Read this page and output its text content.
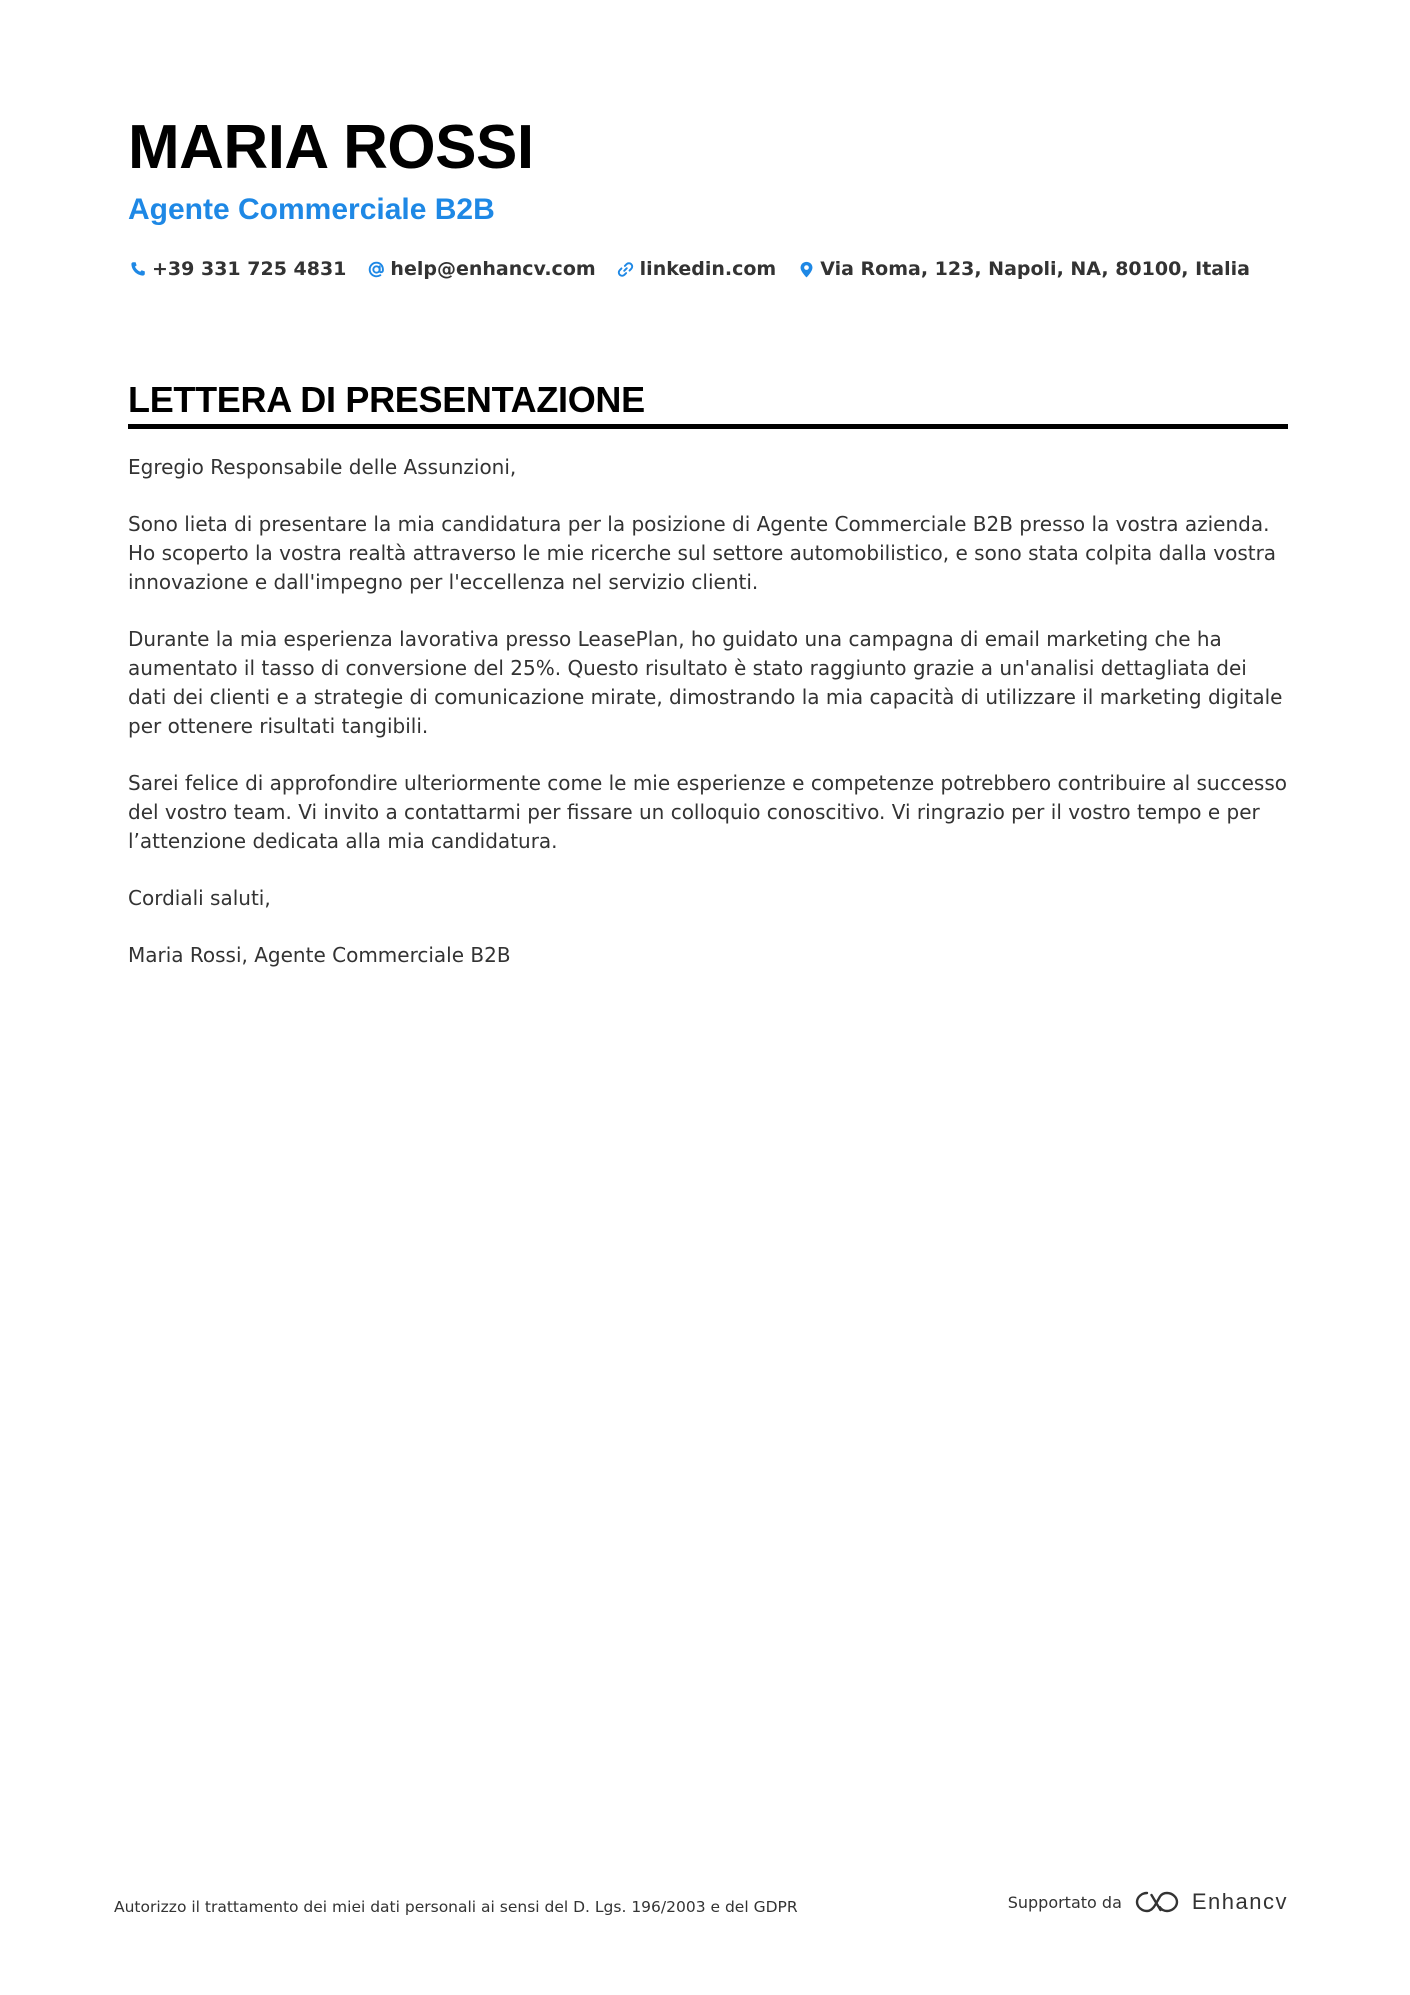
MARIA ROSSI
Agente Commerciale B2B
+39 331 725 4831 help@enhancv.com linkedin.com Via Roma, 123, Napoli, NA, 80100, Italia
LETTERA DI PRESENTAZIONE

Egregio Responsabile delle Assunzioni,

Sono lieta di presentare la mia candidatura per la posizione di Agente Commerciale B2B presso la vostra azienda. Ho scoperto la vostra realtà attraverso le mie ricerche sul settore automobilistico, e sono stata colpita dalla vostra innovazione e dall'impegno per l'eccellenza nel servizio clienti.

Durante la mia esperienza lavorativa presso LeasePlan, ho guidato una campagna di email marketing che ha aumentato il tasso di conversione del 25%. Questo risultato è stato raggiunto grazie a un'analisi dettagliata dei dati dei clienti e a strategie di comunicazione mirate, dimostrando la mia capacità di utilizzare il marketing digitale per ottenere risultati tangibili.

Sarei felice di approfondire ulteriormente come le mie esperienze e competenze potrebbero contribuire al successo del vostro team. Vi invito a contattarmi per fissare un colloquio conoscitivo. Vi ringrazio per il vostro tempo e per l’attenzione dedicata alla mia candidatura.

Cordiali saluti,

Maria Rossi, Agente Commerciale B2B

Autorizzo il trattamento dei miei dati personali ai sensi del D. Lgs. 196/2003 e del GDPR	Supportato da	Enhancv
